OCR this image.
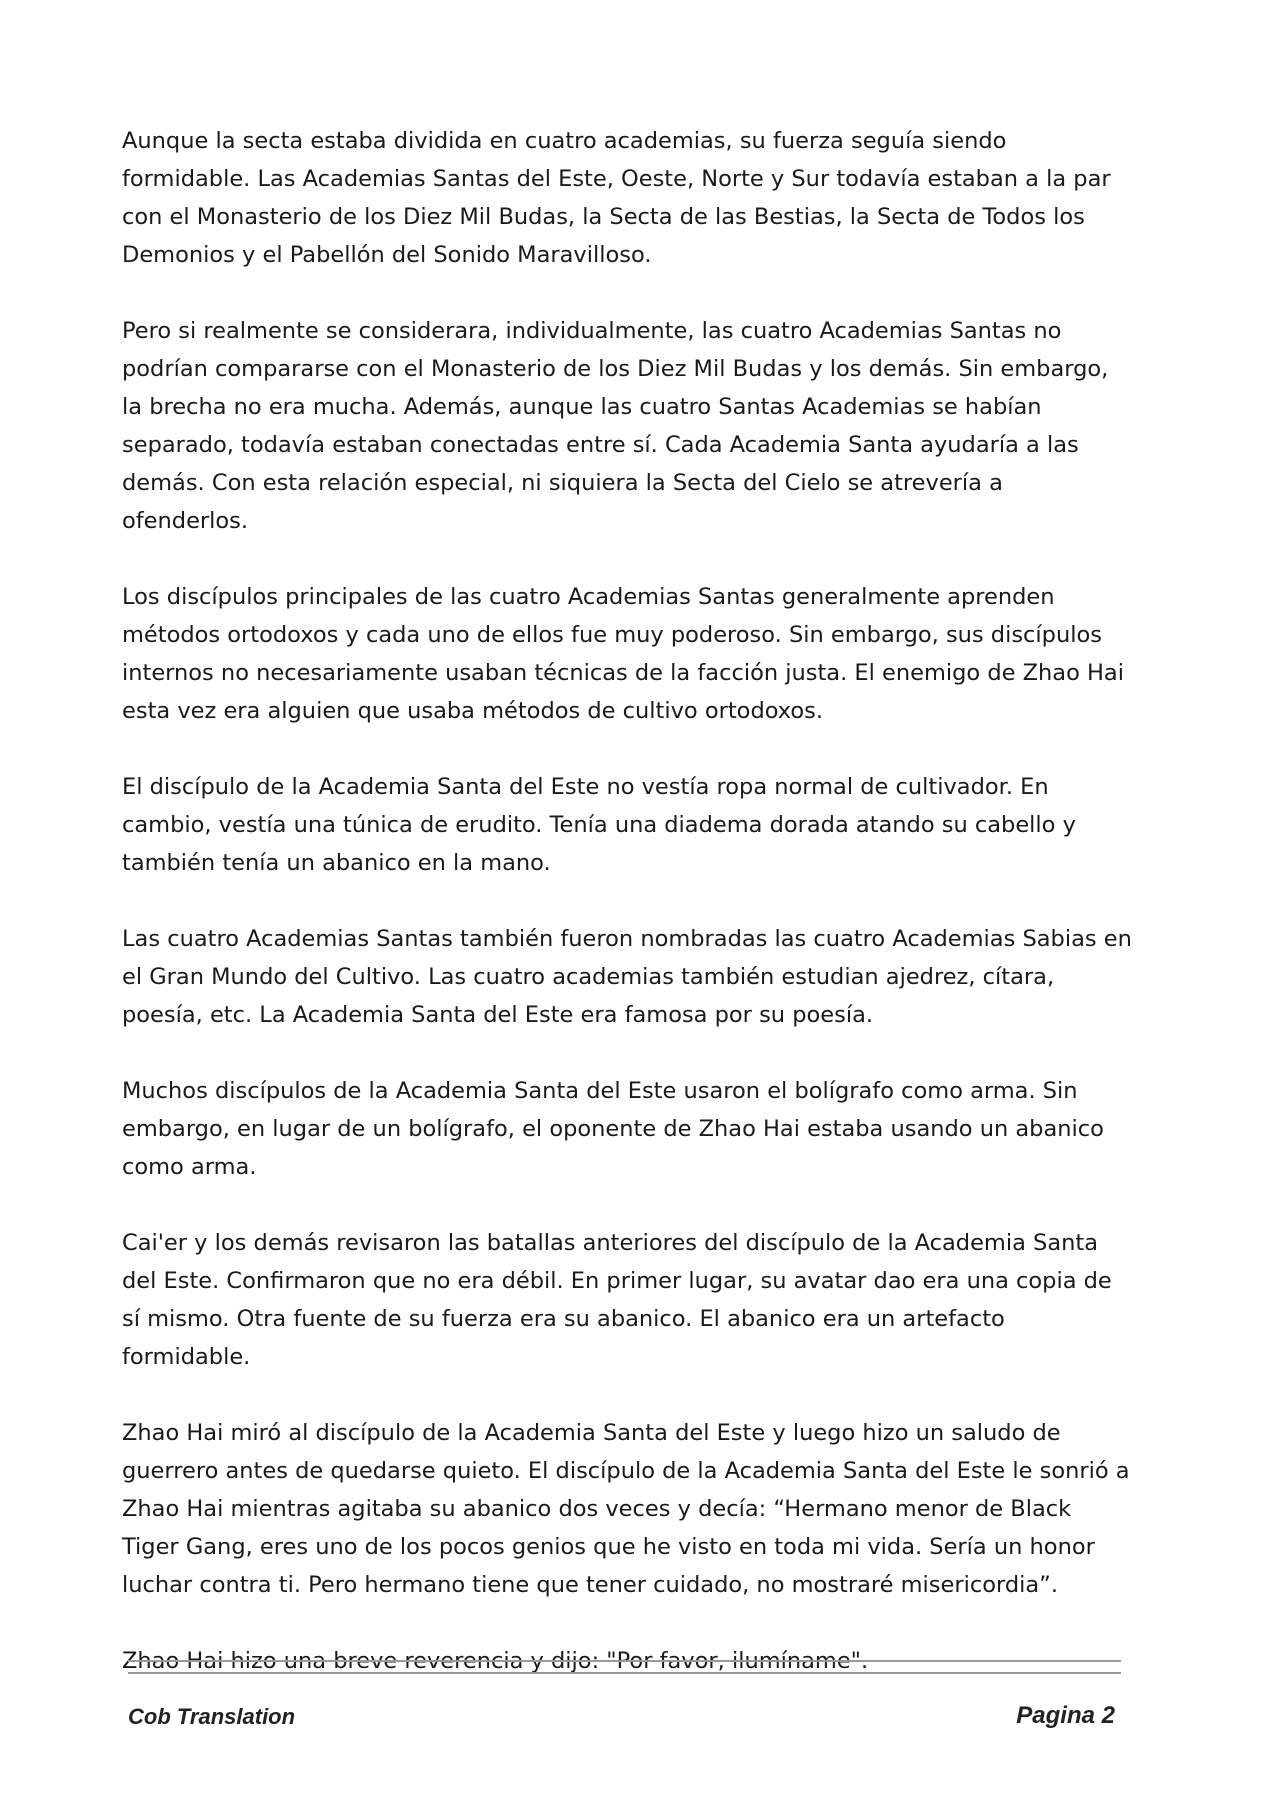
Aunque la secta estaba dividida en cuatro academias, su fuerza seguía siendo formidable. Las Academias Santas del Este, Oeste, Norte y Sur todavía estaban a la par con el Monasterio de los Diez Mil Budas, la Secta de las Bestias, la Secta de Todos los Demonios y el Pabellón del Sonido Maravilloso.

Pero si realmente se considerara, individualmente, las cuatro Academias Santas no podrían compararse con el Monasterio de los Diez Mil Budas y los demás. Sin embargo, la brecha no era mucha. Además, aunque las cuatro Santas Academias se habían separado, todavía estaban conectadas entre sí. Cada Academia Santa ayudaría a las demás. Con esta relación especial, ni siquiera la Secta del Cielo se atrevería a ofenderlos.

Los discípulos principales de las cuatro Academias Santas generalmente aprenden métodos ortodoxos y cada uno de ellos fue muy poderoso. Sin embargo, sus discípulos internos no necesariamente usaban técnicas de la facción justa. El enemigo de Zhao Hai esta vez era alguien que usaba métodos de cultivo ortodoxos.

El discípulo de la Academia Santa del Este no vestía ropa normal de cultivador. En cambio, vestía una túnica de erudito. Tenía una diadema dorada atando su cabello y también tenía un abanico en la mano.

Las cuatro Academias Santas también fueron nombradas las cuatro Academias Sabias en el Gran Mundo del Cultivo. Las cuatro academias también estudian ajedrez, cítara, poesía, etc. La Academia Santa del Este era famosa por su poesía.

Muchos discípulos de la Academia Santa del Este usaron el bolígrafo como arma. Sin embargo, en lugar de un bolígrafo, el oponente de Zhao Hai estaba usando un abanico como arma.

Cai'er y los demás revisaron las batallas anteriores del discípulo de la Academia Santa del Este. Confirmaron que no era débil. En primer lugar, su avatar dao era una copia de sí mismo. Otra fuente de su fuerza era su abanico. El abanico era un artefacto formidable.

Zhao Hai miró al discípulo de la Academia Santa del Este y luego hizo un saludo de guerrero antes de quedarse quieto. El discípulo de la Academia Santa del Este le sonrió a Zhao Hai mientras agitaba su abanico dos veces y decía: “Hermano menor de Black Tiger Gang, eres uno de los pocos genios que he visto en toda mi vida. Sería un honor luchar contra ti. Pero hermano tiene que tener cuidado, no mostraré misericordia”.

Zhao Hai hizo una breve reverencia y dijo: "Por favor, ilumíname".

Cob Translation	Pagina 2
